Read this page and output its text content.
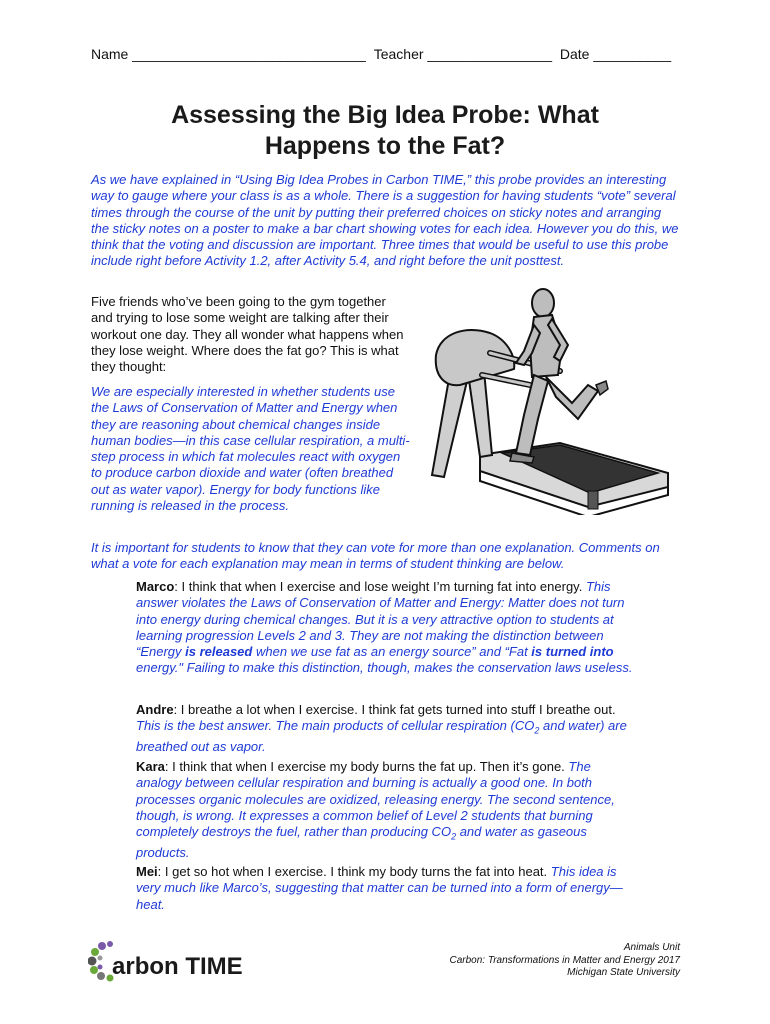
Name ______________________________ Teacher ________________ Date __________
Assessing the Big Idea Probe: What
Happens to the Fat?
As we have explained in “Using Big Idea Probes in Carbon TIME,” this probe provides an interesting way to gauge where your class is as a whole. There is a suggestion for having students “vote” several times through the course of the unit by putting their preferred choices on sticky notes and arranging the sticky notes on a poster to make a bar chart showing votes for each idea. However you do this, we think that the voting and discussion are important. Three times that would be useful to use this probe include right before Activity 1.2, after Activity 5.4, and right before the unit posttest.
Five friends who’ve been going to the gym together and trying to lose some weight are talking after their workout one day. They all wonder what happens when they lose weight. Where does the fat go? This is what they thought:
We are especially interested in whether students use the Laws of Conservation of Matter and Energy when they are reasoning about chemical changes inside human bodies—in this case cellular respiration, a multi-step process in which fat molecules react with oxygen to produce carbon dioxide and water (often breathed out as water vapor). Energy for body functions like running is released in the process.
It is important for students to know that they can vote for more than one explanation. Comments on what a vote for each explanation may mean in terms of student thinking are below.
Marco: I think that when I exercise and lose weight I’m turning fat into energy. This answer violates the Laws of Conservation of Matter and Energy: Matter does not turn into energy during chemical changes. But it is a very attractive option to students at learning progression Levels 2 and 3. They are not making the distinction between “Energy is released when we use fat as an energy source” and “Fat is turned into energy." Failing to make this distinction, though, makes the conservation laws useless.
Andre: I breathe a lot when I exercise. I think fat gets turned into stuff I breathe out. This is the best answer. The main products of cellular respiration ($CO_2$ and water) are breathed out as vapor.
Kara: I think that when I exercise my body burns the fat up. Then it’s gone. The analogy between cellular respiration and burning is actually a good one. In both processes organic molecules are oxidized, releasing energy. The second sentence, though, is wrong. It expresses a common belief of Level 2 students that burning completely destroys the fuel, rather than producing $CO_2$ and water as gaseous products.
Mei: I get so hot when I exercise. I think my body turns the fat into heat. This idea is very much like Marco’s, suggesting that matter can be turned into a form of energy—heat.
arbon TIME
Animals Unit
Carbon: Transformations in Matter and Energy 2017
Michigan State University
